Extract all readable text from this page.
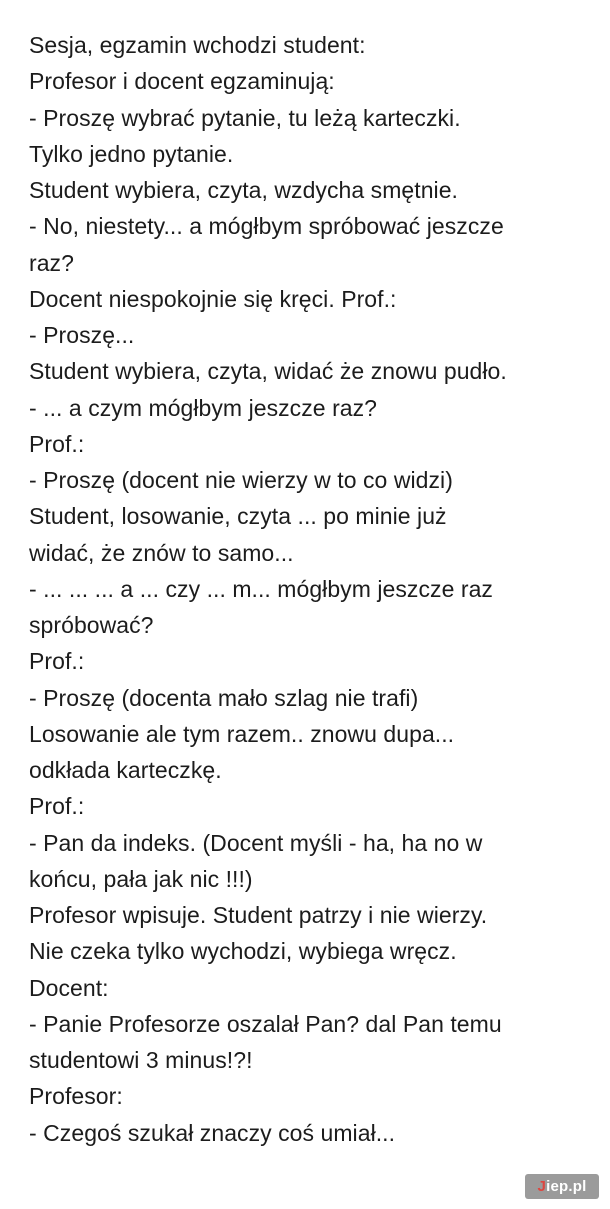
Sesja, egzamin wchodzi student:
Profesor i docent egzaminują:
- Proszę wybrać pytanie, tu leżą karteczki.
Tylko jedno pytanie.
Student wybiera, czyta, wzdycha smętnie.
- No, niestety... a mógłbym spróbować jeszcze
raz?
Docent niespokojnie się kręci. Prof.:
- Proszę...
Student wybiera, czyta, widać że znowu pudło.
- ... a czym mógłbym jeszcze raz?
Prof.:
- Proszę (docent nie wierzy w to co widzi)
Student, losowanie, czyta ... po minie już
widać, że znów to samo...
- ... ... ... a ... czy ... m... mógłbym jeszcze raz
spróbować?
Prof.:
- Proszę (docenta mało szlag nie trafi)
Losowanie ale tym razem.. znowu dupa...
odkłada karteczkę.
Prof.:
- Pan da indeks. (Docent myśli - ha, ha no w
końcu, pała jak nic !!!)
Profesor wpisuje. Student patrzy i nie wierzy.
Nie czeka tylko wychodzi, wybiega wręcz.
Docent:
- Panie Profesorze oszalał Pan? dal Pan temu
studentowi 3 minus!?!
Profesor:
- Czegoś szukał znaczy coś umiał...
Jiep.pl
